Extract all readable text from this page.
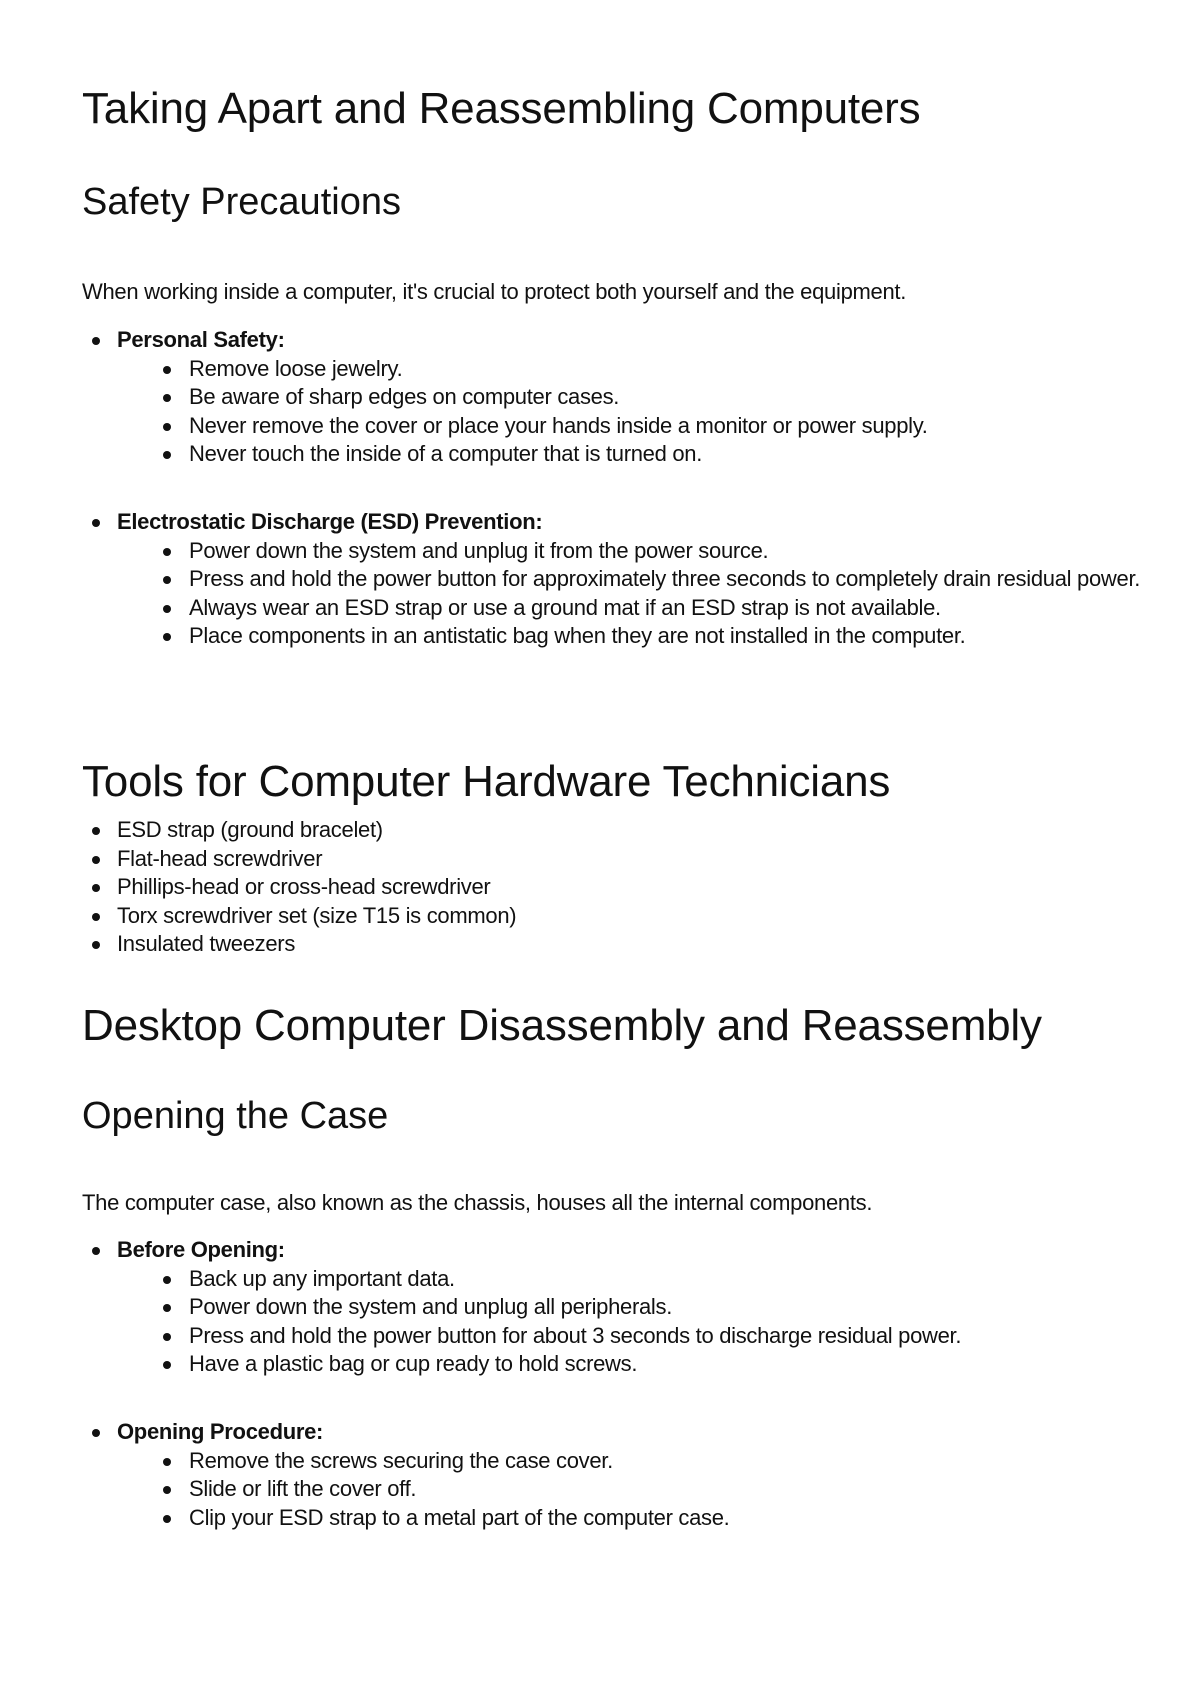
Taking Apart and Reassembling Computers
Safety Precautions

When working inside a computer, it's crucial to protect both yourself and the equipment.

Personal Safety:
Remove loose jewelry.
Be aware of sharp edges on computer cases.
Never remove the cover or place your hands inside a monitor or power supply.
Never touch the inside of a computer that is turned on.
Electrostatic Discharge (ESD) Prevention:
Power down the system and unplug it from the power source.
Press and hold the power button for approximately three seconds to completely drain residual power.
Always wear an ESD strap or use a ground mat if an ESD strap is not available.
Place components in an antistatic bag when they are not installed in the computer.
Tools for Computer Hardware Technicians
ESD strap (ground bracelet)
Flat-head screwdriver
Phillips-head or cross-head screwdriver
Torx screwdriver set (size T15 is common)
Insulated tweezers
Desktop Computer Disassembly and Reassembly
Opening the Case

The computer case, also known as the chassis, houses all the internal components.

Before Opening:
Back up any important data.
Power down the system and unplug all peripherals.
Press and hold the power button for about 3 seconds to discharge residual power.
Have a plastic bag or cup ready to hold screws.
Opening Procedure:
Remove the screws securing the case cover.
Slide or lift the cover off.
Clip your ESD strap to a metal part of the computer case.
